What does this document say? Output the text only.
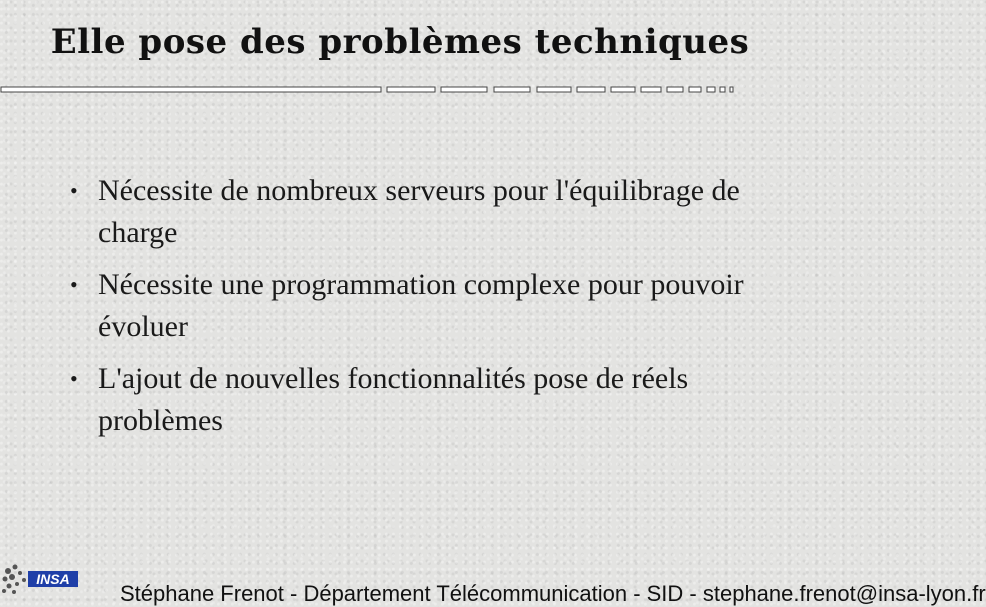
Elle pose des problèmes techniques
• Nécessite de nombreux serveurs pour l'équilibrage de charge
• Nécessite une programmation complexe pour pouvoir évoluer
• L'ajout de nouvelles fonctionnalités pose de réels problèmes
INSA
Stéphane Frenot - Département Télécommunication - SID - stephane.frenot@insa-lyon.fr
